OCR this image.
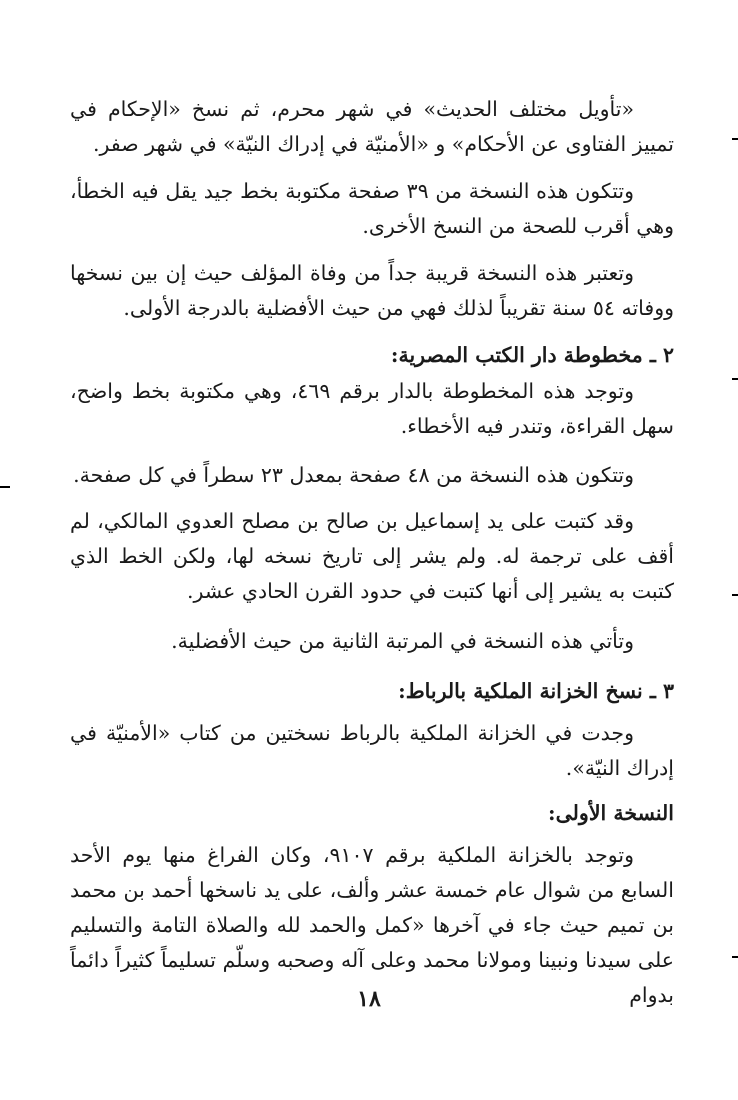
«تأويل مختلف الحديث» في شهر محرم، ثم نسخ «الإحكام في تمييز الفتاوى عن الأحكام» و «الأمنيّة في إدراك النيّة» في شهر صفر.
وتتكون هذه النسخة من ٣٩ صفحة مكتوبة بخط جيد يقل فيه الخطأ، وهي أقرب للصحة من النسخ الأخرى.
وتعتبر هذه النسخة قريبة جداً من وفاة المؤلف حيث إن بين نسخها ووفاته ٥٤ سنة تقريباً لذلك فهي من حيث الأفضلية بالدرجة الأولى.
٢ ـ مخطوطة دار الكتب المصرية:
وتوجد هذه المخطوطة بالدار برقم ٤٦٩، وهي مكتوبة بخط واضح، سهل القراءة، وتندر فيه الأخطاء.
وتتكون هذه النسخة من ٤٨ صفحة بمعدل ٢٣ سطراً في كل صفحة.
وقد كتبت على يد إسماعيل بن صالح بن مصلح العدوي المالكي، لم أقف على ترجمة له. ولم يشر إلى تاريخ نسخه لها، ولكن الخط الذي كتبت به يشير إلى أنها كتبت في حدود القرن الحادي عشر.
وتأتي هذه النسخة في المرتبة الثانية من حيث الأفضلية.
٣ ـ نسخ الخزانة الملكية بالرباط:
وجدت في الخزانة الملكية بالرباط نسختين من كتاب «الأمنيّة في إدراك النيّة».
النسخة الأولى:
وتوجد بالخزانة الملكية برقم ٩١٠٧، وكان الفراغ منها يوم الأحد السابع من شوال عام خمسة عشر وألف، على يد ناسخها أحمد بن محمد بن تميم حيث جاء في آخرها «كمل والحمد لله والصلاة التامة والتسليم على سيدنا ونبينا ومولانا محمد وعلى آله وصحبه وسلّم تسليماً كثيراً دائماً بدوام
١٨
